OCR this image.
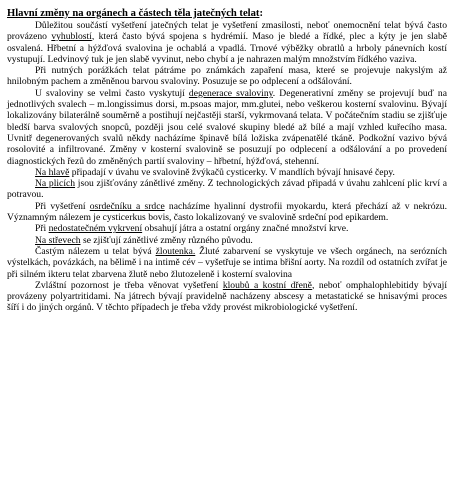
Hlavní změny na orgánech a částech těla jatečných telat:

Důležitou součástí vyšetření jatečných telat je vyšetření zmasilosti, neboť onemocnění telat bývá často provázeno vyhublostí, která často bývá spojena s hydrémií. Maso je bledé a řídké, plec a kýty je jen slabě osvalená. Hřbetní a hýžďová svalovina je ochablá a vpadlá. Trnové výběžky obratlů a hrboly pánevních kostí vystupují. Ledvinový tuk je jen slabě vyvinut, nebo chybí a je nahrazen malým množstvím řídkého vaziva.

Při nutných porážkách telat pátráme po známkách zapaření masa, které se projevuje nakyslým až hnilobným pachem a změněnou barvou svaloviny. Posuzuje se po odplecení a odšálování.

U svaloviny se velmi často vyskytují degenerace svaloviny. Degenerativní změny se projevují buď na jednotlivých svalech – m.longissimus dorsi, m.psoas major, mm.glutei, nebo veškerou kosterní svalovinu. Bývají lokalizovány bilaterálně souměrně a postihují nejčastěji starší, vykrmovaná telata. V počátečním stadiu se zjišťuje bledší barva svalových snopců, později jsou celé svalové skupiny bledé až bílé a mají vzhled kuřecího masa. Uvnitř degenerovaných svalů někdy nacházíme špinavě bílá ložiska zvápenatělé tkáně. Podkožní vazivo bývá rosolovité a infiltrované. Změny v kosterní svalovině se posuzují po odplecení a odšálování a po provedení diagnostických řezů do změněných partií svaloviny – hřbetní, hýžďová, stehenní.

Na hlavě připadají v úvahu ve svalovině žvýkačů cysticerky. V mandlích bývají hnisavé čepy.

Na plicích jsou zjišťovány zánětlivé změny. Z technologických závad připadá v úvahu zahlcení plic krví a potravou.

Při vyšetření osrdečníku a srdce nacházíme hyalinní dystrofii myokardu, která přechází až v nekrózu. Významným nálezem je cysticerkus bovis, často lokalizovaný ve svalovině srdeční pod epikardem.

Při nedostatečném vykrvení obsahují játra a ostatní orgány značné množství krve.

Na střevech se zjišťují zánětlivé změny různého původu.

Častým nálezem u telat bývá žloutenka. Žluté zabarvení se vyskytuje ve všech orgánech, na serózních výstelkách, povázkách, na bělimě i na intimě cév – vyšetřuje se intima břišní aorty. Na rozdíl od ostatních zvířat je při silném ikteru telat zbarvena žlutě nebo žlutozeleně i kosterní svalovina

Zvláštní pozornost je třeba věnovat vyšetření kloubů a kostní dřeně, neboť omphalophlebitidy bývají provázeny polyartritidami. Na játrech bývají pravidelně nacházeny abscesy a metastatické se hnisavými proces šíří i do jiných orgánů. V těchto případech je třeba vždy provést mikrobiologické vyšetření.
